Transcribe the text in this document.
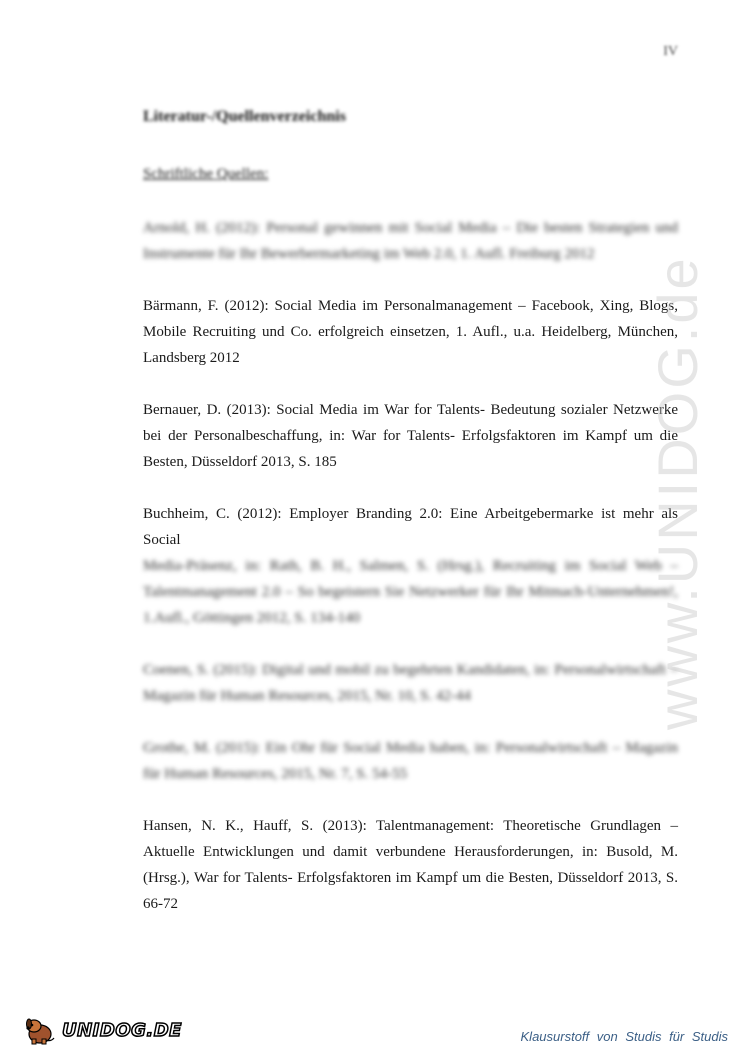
IV
Literatur-/Quellenverzeichnis
Schriftliche Quellen:

Arnold, H. (2012): Personal gewinnen mit Social Media – Die besten Strategien und Instrumente für Ihr Bewerbermarketing im Web 2.0, 1. Aufl. Freiburg 2012

Bärmann, F. (2012): Social Media im Personalmanagement – Facebook, Xing, Blogs, Mobile Recruiting und Co. erfolgreich einsetzen, 1. Aufl., u.a. Heidelberg, München, Landsberg 2012

Bernauer, D. (2013): Social Media im War for Talents- Bedeutung sozialer Netzwerke bei der Personalbeschaffung, in: War for Talents- Erfolgsfaktoren im Kampf um die Besten, Düsseldorf 2013, S. 185

Buchheim, C. (2012): Employer Branding 2.0: Eine Arbeitgebermarke ist mehr als Social
Media-Präsenz, in: Rath, B. H., Salmen, S. (Hrsg.), Recruiting im Social Web – Talentmanagement 2.0 – So begeistern Sie Netzwerker für Ihr Mitmach-Unternehmen!, 1.Aufl., Göttingen 2012, S. 134-140

Coenen, S. (2015): Digital und mobil zu begehrten Kandidaten, in: Personalwirtschaft – Magazin für Human Resources, 2015, Nr. 10, S. 42-44

Grothe, M. (2015): Ein Ohr für Social Media haben, in: Personalwirtschaft – Magazin für Human Resources, 2015, Nr. 7, S. 54-55

Hansen, N. K., Hauff, S. (2013): Talentmanagement: Theoretische Grundlagen – Aktuelle Entwicklungen und damit verbundene Herausforderungen, in: Busold, M. (Hrsg.), War for Talents- Erfolgsfaktoren im Kampf um die Besten, Düsseldorf 2013, S. 66-72

www.UNIDOG.de
UNIDOG.DE	Klausurstoff von Studis für Studis
